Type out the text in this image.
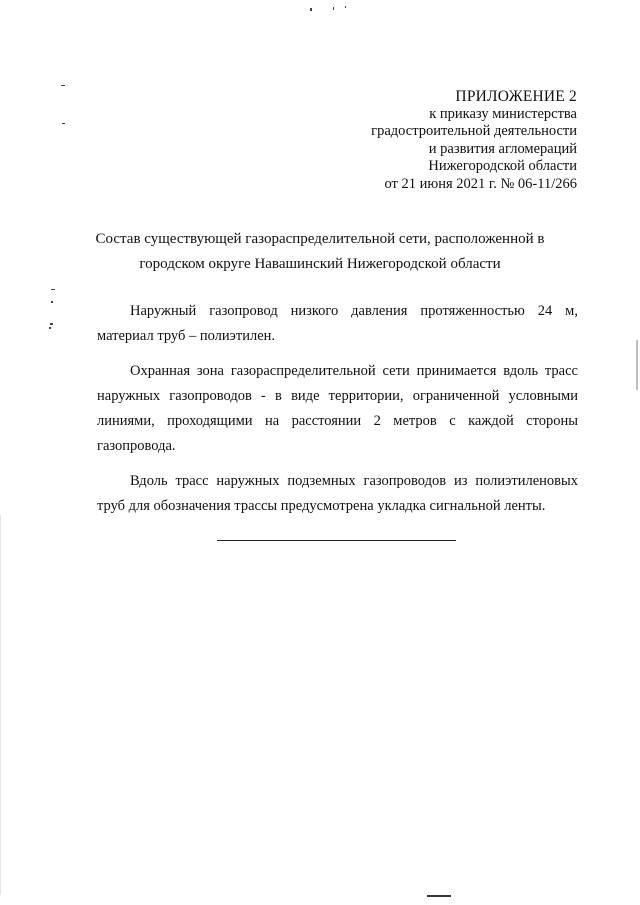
ПРИЛОЖЕНИЕ 2
к приказу министерства
градостроительной деятельности
и развития агломераций
Нижегородской области
от 21 июня 2021 г. № 06-11/266
Состав существующей газораспределительной сети, расположенной в
городском округе Навашинский Нижегородской области

Наружный газопровод низкого давления протяженностью 24 м, материал труб – полиэтилен.

Охранная зона газораспределительной сети принимается вдоль трасс наружных газопроводов - в виде территории, ограниченной условными линиями, проходящими на расстоянии 2 метров с каждой стороны газопровода.

Вдоль трасс наружных подземных газопроводов из полиэтиленовых труб для обозначения трассы предусмотрена укладка сигнальной ленты.
